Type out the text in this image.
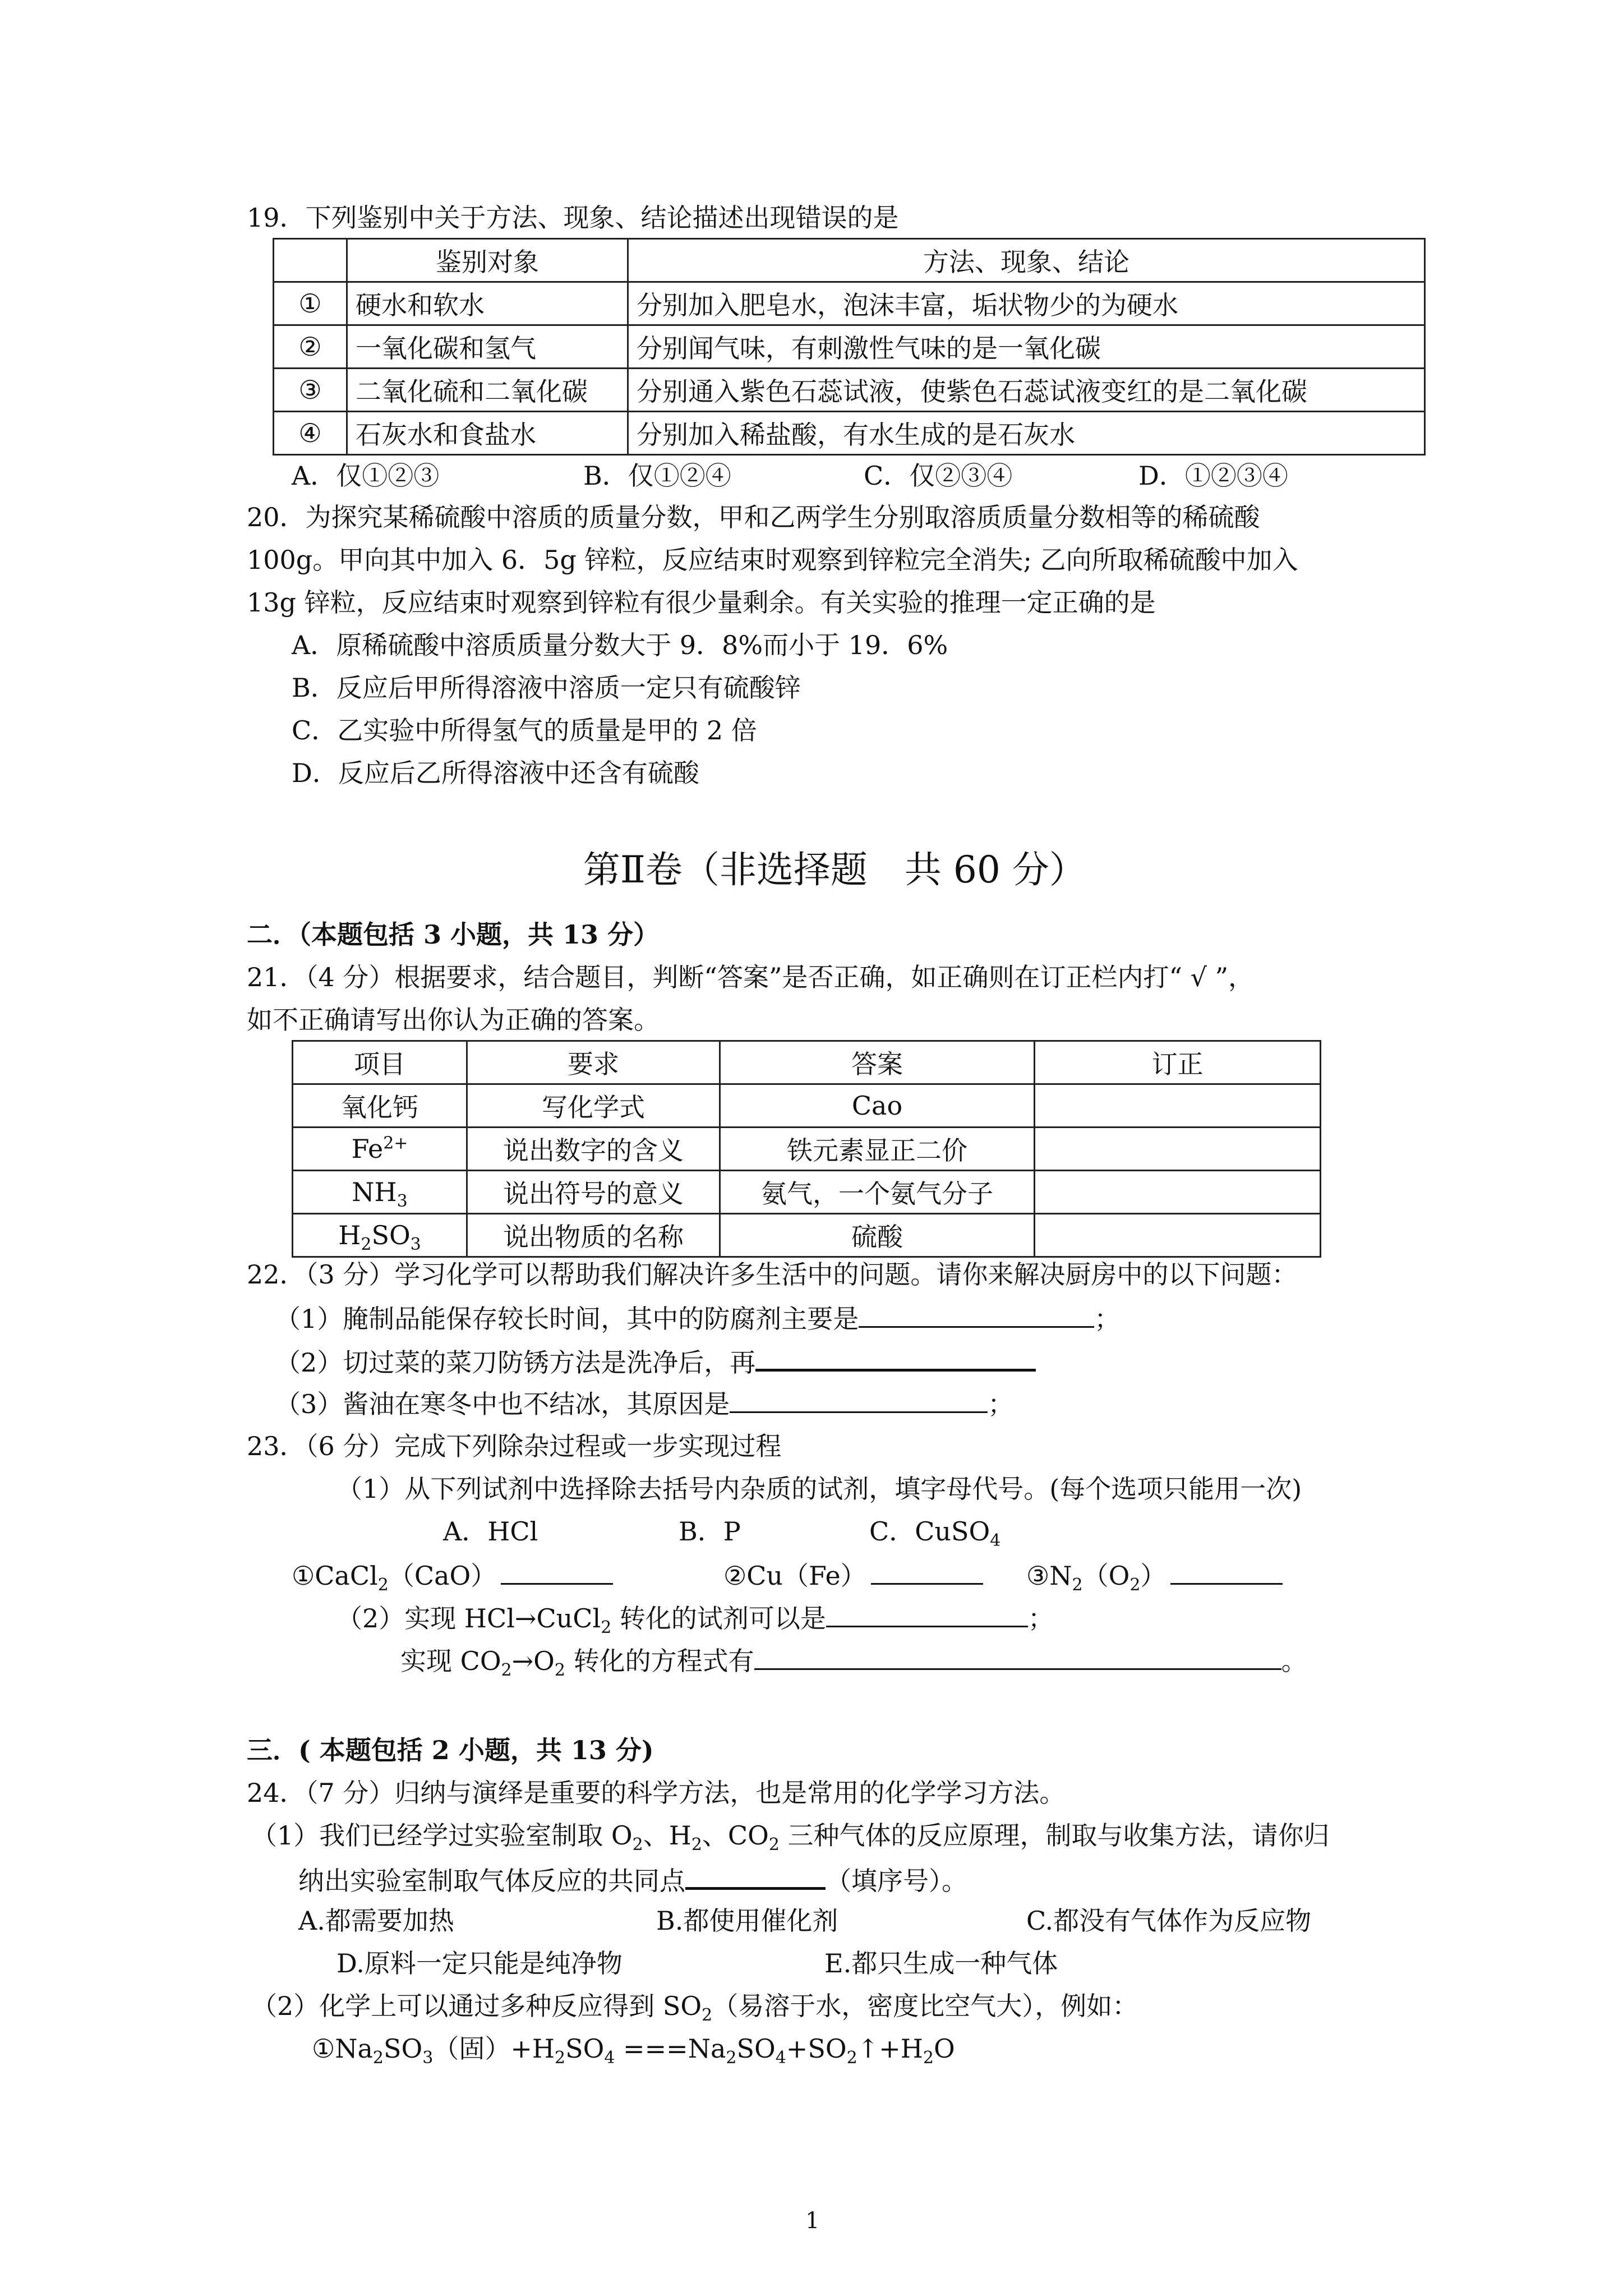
19．下列鉴别中关于方法、现象、结论描述出现错误的是
	鉴别对象	方法、现象、结论
①	硬水和软水	分别加入肥皂水，泡沫丰富，垢状物少的为硬水
②	一氧化碳和氢气	分别闻气味，有刺激性气味的是一氧化碳
③	二氧化硫和二氧化碳	分别通入紫色石蕊试液，使紫色石蕊试液变红的是二氧化碳
④	石灰水和食盐水	分别加入稀盐酸，有水生成的是石灰水
A．仅①②③	B．仅①②④	C．仅②③④	D．①②③④
20．为探究某稀硫酸中溶质的质量分数，甲和乙两学生分别取溶质质量分数相等的稀硫酸
100g。甲向其中加入 6．5g 锌粒，反应结束时观察到锌粒完全消失; 乙向所取稀硫酸中加入
13g 锌粒，反应结束时观察到锌粒有很少量剩余。有关实验的推理一定正确的是
A．原稀硫酸中溶质质量分数大于 9．8%而小于 19．6%
B．反应后甲所得溶液中溶质一定只有硫酸锌
C．乙实验中所得氢气的质量是甲的 2 倍
D．反应后乙所得溶液中还含有硫酸
第Ⅱ卷（非选择题　共 60 分）
二．（本题包括 3 小题，共 13 分）
21．（4 分）根据要求，结合题目，判断“答案”是否正确，如正确则在订正栏内打“ √ ”，
如不正确请写出你认为正确的答案。
项目	要求	答案	订正
氧化钙	写化学式	Cao	
$Fe^{2+}$	说出数字的含义	铁元素显正二价	
$NH_3$	说出符号的意义	氨气，一个氨气分子	
$H_2SO_3$	说出物质的名称	硫酸	
22．（3 分）学习化学可以帮助我们解决许多生活中的问题。请你来解决厨房中的以下问题：
（1）腌制品能保存较长时间，其中的防腐剂主要是	；
（2）切过菜的菜刀防锈方法是洗净后，再
（3）酱油在寒冬中也不结冰，其原因是	；
23．（6 分）完成下列除杂过程或一步实现过程
（1）从下列试剂中选择除去括号内杂质的试剂，填字母代号。(每个选项只能用一次)
A．HCl	B．P	C．CuSO$_4$
①CaCl$_2$（CaO）	②Cu（Fe）	$③N_2(O_2)$
（2）实现 HCl→CuCl$_2$ 转化的试剂可以是	；
实现 $CO_2\to O_2$ 转化的方程式有	。
三．( 本题包括 2 小题，共 13 分)
24．（7 分）归纳与演绎是重要的科学方法，也是常用的化学学习方法。
（1）我们已经学过实验室制取 $O_2$、$H_2$、$CO_2$ 三种气体的反应原理，制取与收集方法，请你归
纳出实验室制取气体反应的共同点	（填序号）。
A.都需要加热	B.都使用催化剂	C.都没有气体作为反应物
D.原料一定只能是纯净物	E.都只生成一种气体
（2）化学上可以通过多种反应得到 $SO_2$（易溶于水，密度比空气大），例如：
$①Na_2SO_3$（固）$+H_2SO_4$ $===Na_2SO_4+SO_2↑+H_2O$
1
